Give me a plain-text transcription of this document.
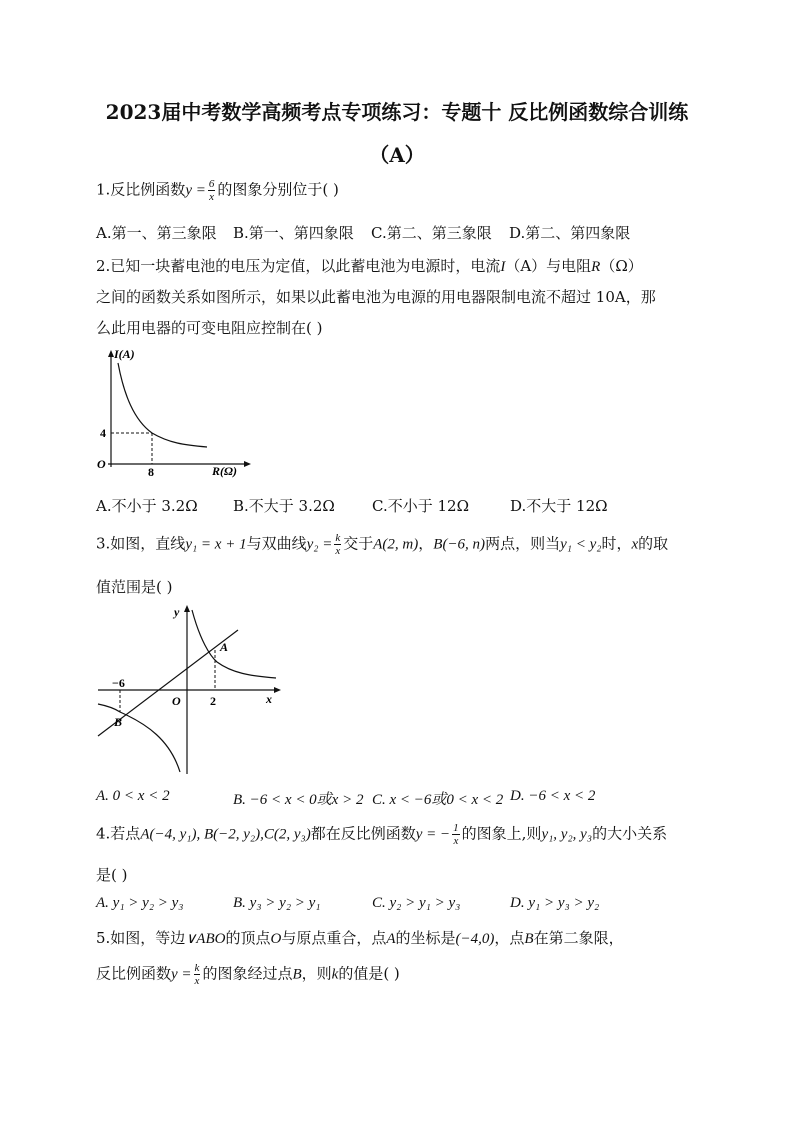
2023届中考数学高频考点专项练习：专题十 反比例函数综合训练
（A）
1.反比例函数$y = \frac{6}{x}$ 的图象分别位于( )
A.第一、第三象限 B.第一、第四象限 C.第二、第三象限 D.第二、第四象限
2.已知一块蓄电池的电压为定值，以此蓄电池为电源时，电流I（A）与电阻R（Ω）
之间的函数关系如图所示，如果以此蓄电池为电源的用电器限制电流不超过 10A，那
么此用电器的可变电阻应控制在( )
I(A)
R(Ω)
O
4
8
A.不小于 3.2Ω B.不大于 3.2Ω C.不小于 12Ω	D.不大于 12Ω
3.如图，直线y₁ = x + 1与双曲线$y_2 = \frac{k}{x}$ 交于A(2, m)，B(−6, n)两点，则当y₁ < y₂时，x的取
值范围是( )
y
x
O
−6
2
A
B
A. 0 < x < 2	B. −6 < x < 0或x > 2 C. x < −6或0 < x < 2 D. −6 < x < 2
4.若点A(−4, y₁), B(−2, y₂),C(2, y₃)都在反比例函数y = − $\frac{1}{x}$ 的图象上,则y₁, y₂, y₃的大小关系
是( )
A. y₁ > y₂ > y₃	B. y₃ > y₂ > y₁	C. y₂ > y₁ > y₃	D. y₁ > y₃ > y₂
5.如图，等边∨ABO的顶点O与原点重合，点A的坐标是(−4,0)，点B在第二象限，
反比例函数$y = \frac{k}{x}$ 的图象经过点B，则k的值是( )
